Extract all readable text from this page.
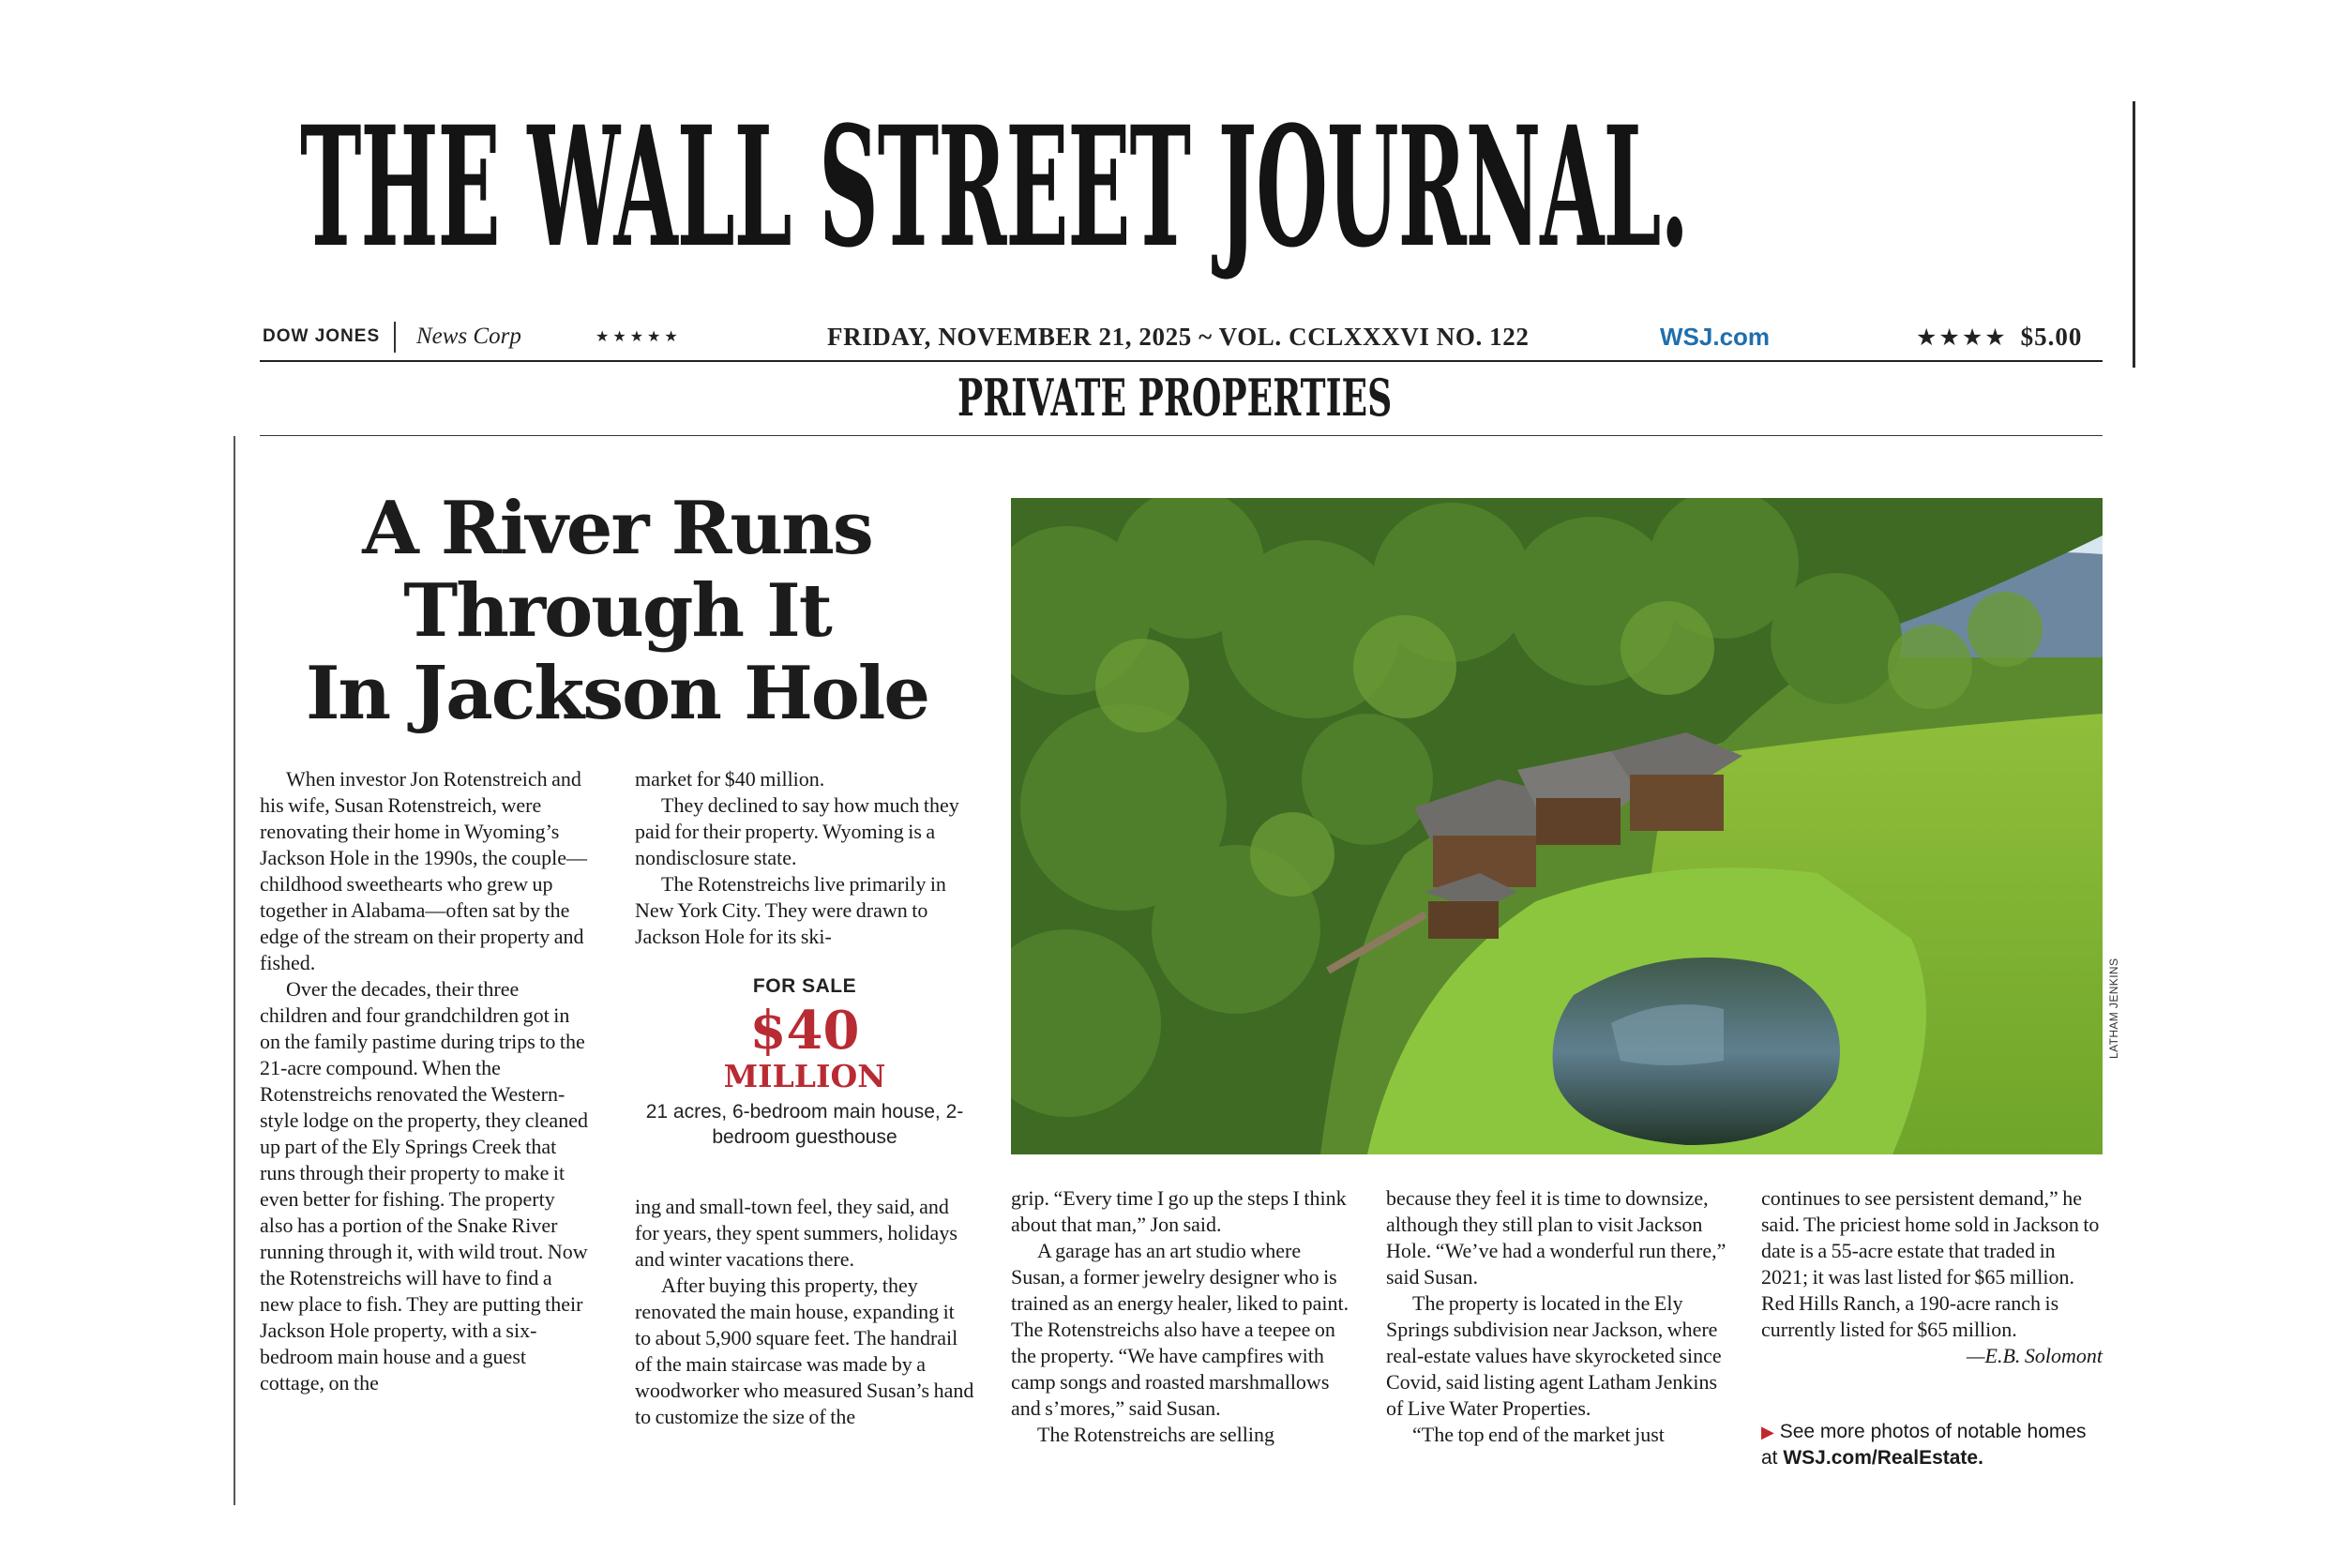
THE WALL STREET JOURNAL.
DOW JONES News Corp	★★★★★	FRIDAY, NOVEMBER 21, 2025 ~ VOL. CCLXXXVI NO. 122	WSJ.com	★★★★ $5.00
PRIVATE PROPERTIES
A River Runs
Through It
In Jackson Hole

When investor Jon Rotenstreich and his wife, Susan Rotenstreich, were renovating their home in Wyoming’s Jackson Hole in the 1990s, the couple—childhood sweethearts who grew up together in Alabama—often sat by the edge of the stream on their property and fished.

Over the decades, their three children and four grandchildren got in on the family pastime during trips to the 21-acre compound. When the Rotenstreichs renovated the Western-style lodge on the property, they cleaned up part of the Ely Springs Creek that runs through their property to make it even better for fishing. The property also has a portion of the Snake River running through it, with wild trout. Now the Rotenstreichs will have to find a new place to fish. They are putting their Jackson Hole property, with a six-bedroom main house and a guest cottage, on the

market for $40 million.

They declined to say how much they paid for their property. Wyoming is a nondisclosure state.

The Rotenstreichs live primarily in New York City. They were drawn to Jackson Hole for its ski-

FOR SALE
$40
MILLION
21 acres, 6-bedroom main house, 2-bedroom guesthouse

ing and small-town feel, they said, and for years, they spent summers, holidays and winter vacations there.

After buying this property, they renovated the main house, expanding it to about 5,900 square feet. The handrail of the main staircase was made by a woodworker who measured Susan’s hand to customize the size of the

LATHAM JENKINS

grip. “Every time I go up the steps I think about that man,” Jon said.

A garage has an art studio where Susan, a former jewelry designer who is trained as an energy healer, liked to paint. The Rotenstreichs also have a teepee on the property. “We have campfires with camp songs and roasted marshmallows and s’mores,” said Susan.

The Rotenstreichs are selling

because they feel it is time to downsize, although they still plan to visit Jackson Hole. “We’ve had a wonderful run there,” said Susan.

The property is located in the Ely Springs subdivision near Jackson, where real-estate values have skyrocketed since Covid, said listing agent Latham Jenkins of Live Water Properties.

“The top end of the market just

continues to see persistent demand,” he said. The priciest home sold in Jackson to date is a 55-acre estate that traded in 2021; it was last listed for $65 million. Red Hills Ranch, a 190-acre ranch is currently listed for $65 million.

—E.B. Solomont

▶ See more photos of notable homes at WSJ.com/RealEstate.
